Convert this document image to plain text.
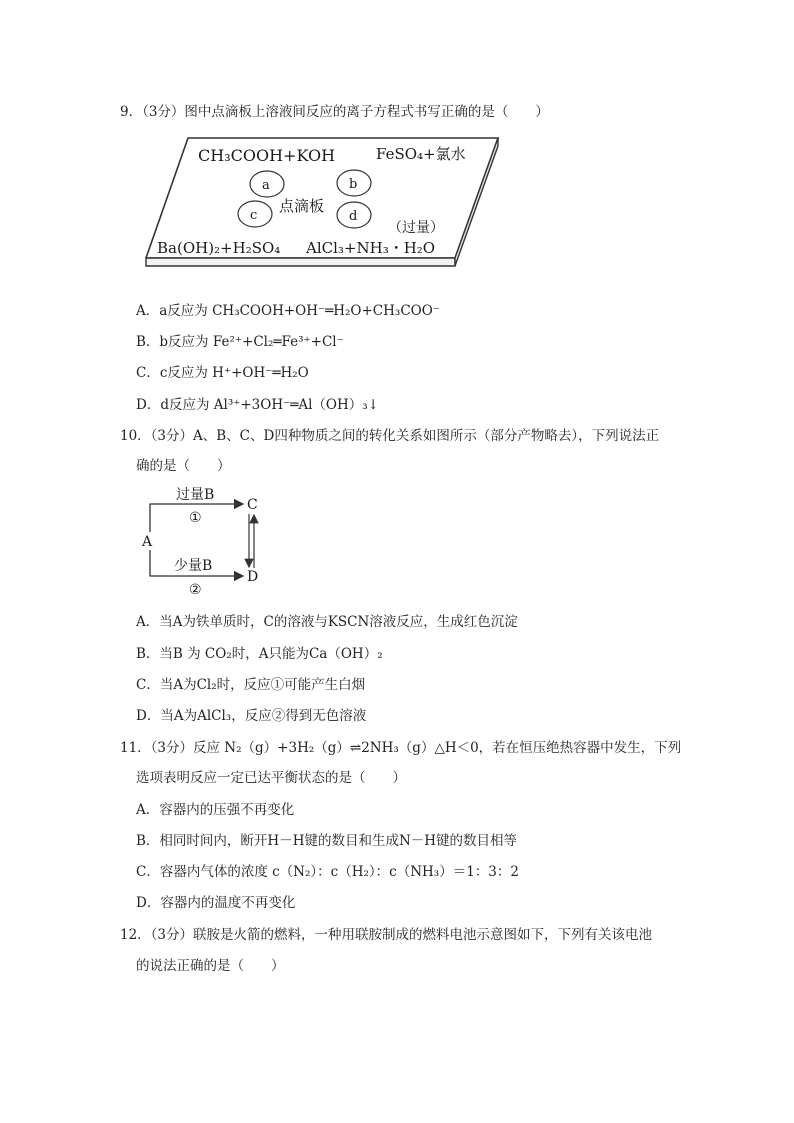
9．（3分）图中点滴板上溶液间反应的离子方程式书写正确的是（　　）
CH₃COOH+KOH	FeSO₄+氯水
a	b
c	d
点滴板
（过量）
Ba(OH)₂+H₂SO₄ AlCl₃+NH₃・H₂O
A．a反应为 CH₃COOH+OH⁻═H₂O+CH₃COO⁻
B．b反应为 Fe²⁺+Cl₂═Fe³⁺+Cl⁻
C．c反应为 H⁺+OH⁻═H₂O
D．d反应为 Al³⁺+3OH⁻═Al（OH）₃↓
10．（3分）A、B、C、D四种物质之间的转化关系如图所示（部分产物略去），下列说法正
确的是（　　）
A
C
D
过量B
①
少量B
②
A．当A为铁单质时，C的溶液与KSCN溶液反应，生成红色沉淀
B．当B 为 CO₂时，A只能为Ca（OH）₂
C．当A为Cl₂时，反应①可能产生白烟
D．当A为AlCl₃，反应②得到无色溶液
11．（3分）反应 N₂（g）+3H₂（g）⇌2NH₃（g）△H＜0，若在恒压绝热容器中发生，下列
选项表明反应一定已达平衡状态的是（　　）
A．容器内的压强不再变化
B．相同时间内，断开H－H键的数目和生成N－H键的数目相等
C．容器内气体的浓度 c（N₂）：c（H₂）：c（NH₃）＝1：3：2
D．容器内的温度不再变化
12．（3分）联胺是火箭的燃料，一种用联胺制成的燃料电池示意图如下，下列有关该电池
的说法正确的是（　　）
